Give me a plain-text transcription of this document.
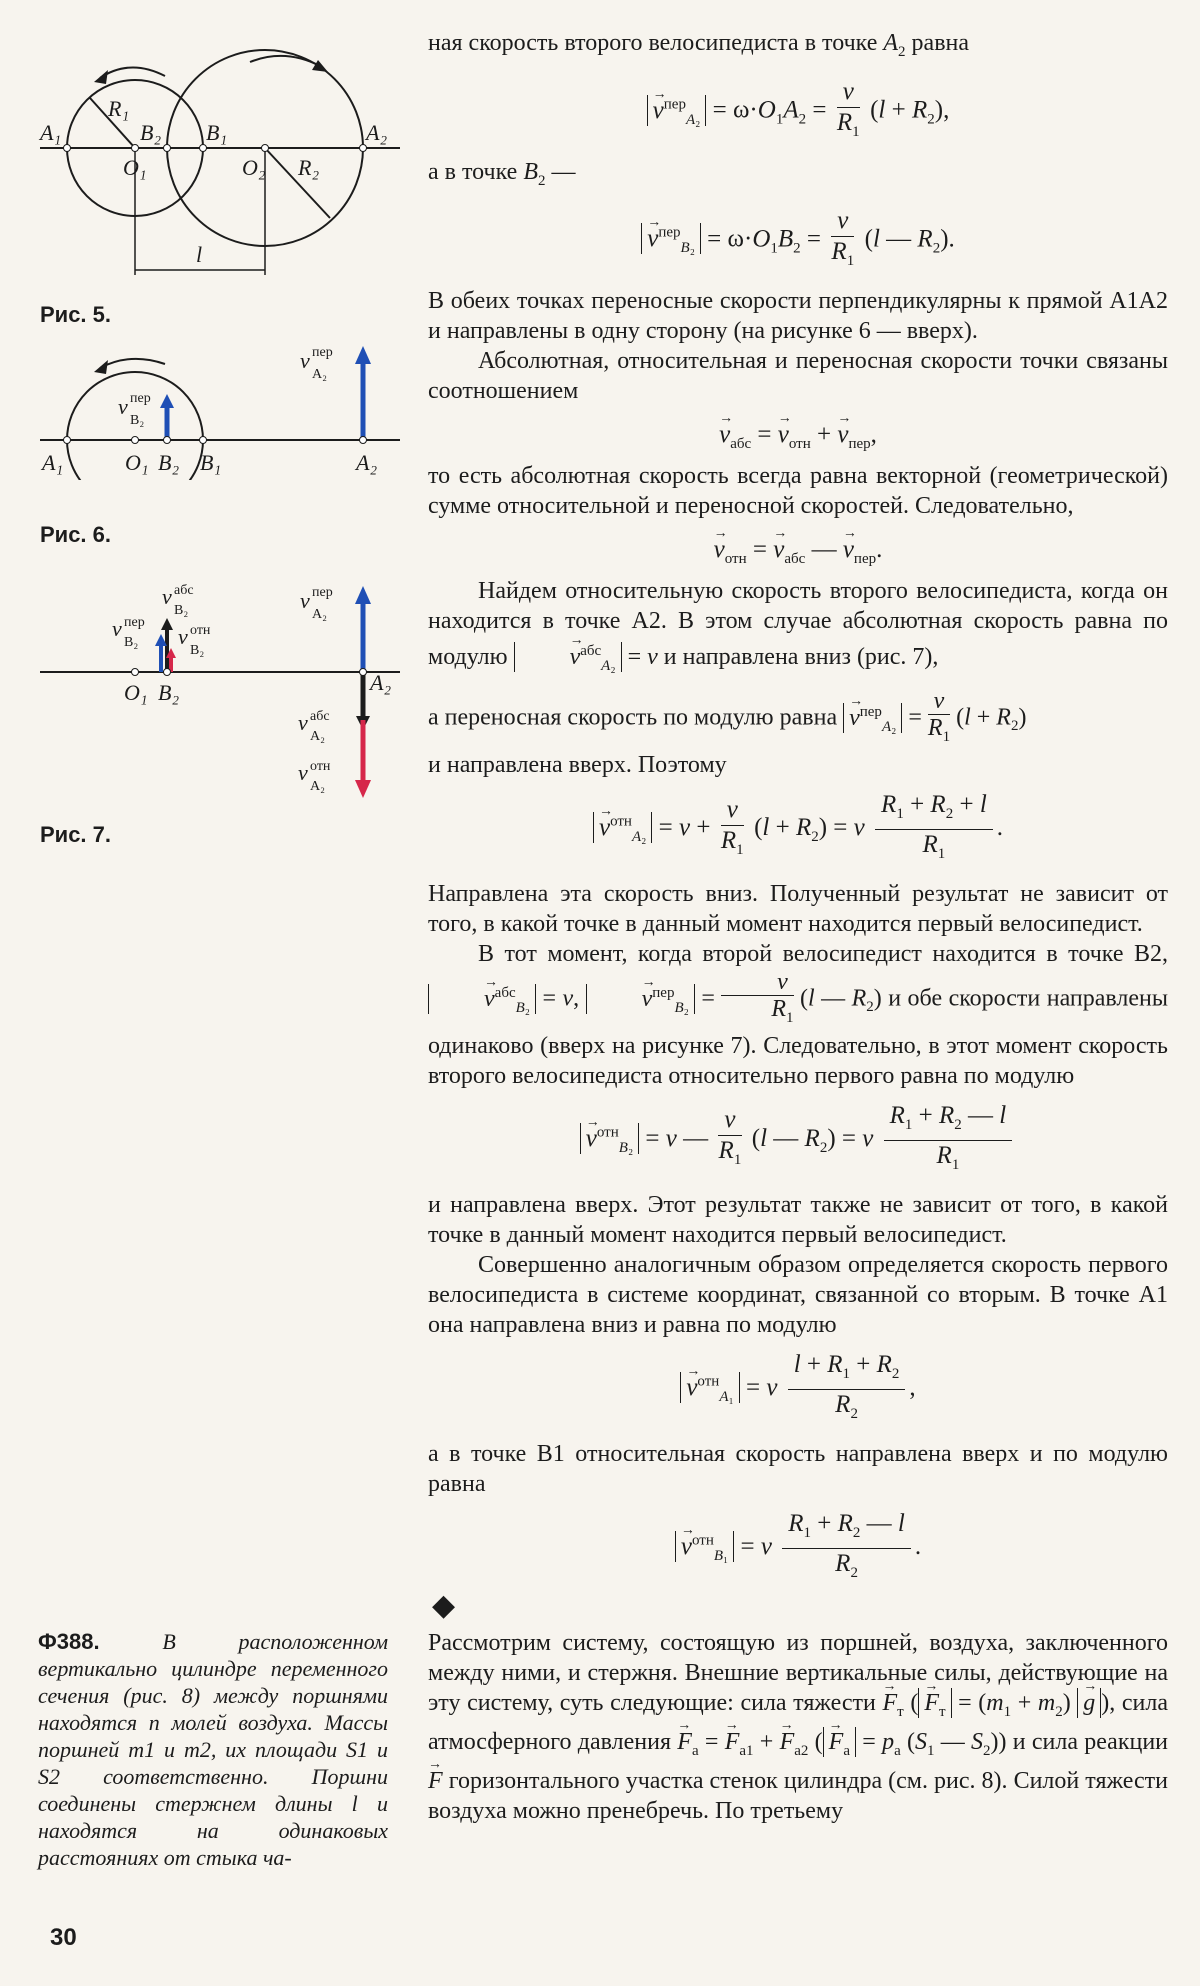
A₁
R₁
B₂ B₁	A₂
O₁	O₂ R₂
l
Рис. 5.
v пер
A₂
v пер
B₂
A₁	O₁ B₂ B₁	A₂
Рис. 6.
v пер
A₂
v абс
B₂
v пер
B₂ v отн
B₂
O₁ B₂	A₂
v абс
A₂
v отн
A₂
Рис. 7.

ная скорость второго велосипедиста в точке $A_2$ равна

→ $v^{пер}_{A_2} = \omega\cdot O_1A_2 = \frac{v}{R_1} (l + R_2)$,

а в точке $B_2$ —

→ $v^{пер}_{B_2} = \omega\cdot O_1B_2 = \frac{v}{R_1} (l$ — $R_2$).

В обеих точках переносные скорости перпендикулярны к прямой A1A2 и направлены в одну сторону (на рисунке 6 — вверх).

Абсолютная, относительная и переносная скорости точки связаны соотношением

→ $v_{абс}$ = → $v_{отн}$ + → $v_{пер}$,

то есть абсолютная скорость всегда равна векторной (геометрической) сумме относительной и переносной скоростей. Следовательно,

→ $v_{отн}$ = → $v_{абс}$ — → $v_{пер}$.

Найдем относительную скорость второго велосипедиста, когда он находится в точке A2. В этом случае абсолютная скорость равна по модулю	→ $v^{абс}_{A_2} = v$ и направлена вниз (рис. 7),

а переносная скорость по модулю равна → $v^{пер}_{A_2} = \frac{v}{R_1} (l + R_2)$

и направлена вверх. Поэтому

→ $v^{отн}_{A_2} = v + \frac{v}{R_1} (l + R_2) = v \frac{R_1 + R_2 + l}{R_1}$ .

Направлена эта скорость вниз. Полученный результат не зависит от того, в какой точке в данный момент находится первый велосипедист.

В тот момент, когда второй велосипедист находится в точке B2, → $v^{абс}_{B_2} = v$, → $v^{пер}_{B_2} = \frac{v}{R_1} (l$ — $R_2$) и обе скорости направлены одинаково (вверх на рисунке 7). Следовательно, в этот момент скорость второго велосипедиста относительно первого равна по модулю

→ $v^{отн}_{B_2} = v$ — $\frac{v}{R_1} (l$ — $R_2) = v \frac{R_1 + R_2 — l}{R_1}$

и направлена вверх. Этот результат также не зависит от того, в какой точке в данный момент находится первый велосипедист.

Совершенно аналогичным образом определяется скорость первого велосипедиста в системе координат, связанной со вторым. В точке A1 она направлена вниз и равна по модулю

→ $v^{отн}_{A_1} = v \frac{l + R_1 + R_2}{R_2}$ ,

а в точке B1 относительная скорость направлена вверх и по модулю равна

→ $v^{отн}_{B_1} = v \frac{R_1 + R_2 — l}{R_2}$ .
◆
Ф388.	В расположенном вертикально цилиндре переменного сечения (рис. 8) между поршнями находятся n молей воздуха. Массы поршней m1 и m2, их площади S1 и S2 соответственно. Поршни соединены стержнем длины l и находятся на одинаковых расстояниях от стыка ча-

Рассмотрим систему, состоящую из поршней, воздуха, заключенного между ними, и стержня. Внешние вертикальные силы, действующие на эту систему, суть следующие: сила тяжести → $F_т$ ( → $F_т = (m_1 + m_2) \to g$ ), сила атмосферного давления → $F_а$ = → $F_{а1}$ + → $F_{а2}$ ( → $F_а = p_а$ ($S_1$ — $S_2$)) и сила реакции → F горизонтального участка стенок цилиндра (см. рис. 8). Силой тяжести воздуха можно пренебречь. По третьему

30
